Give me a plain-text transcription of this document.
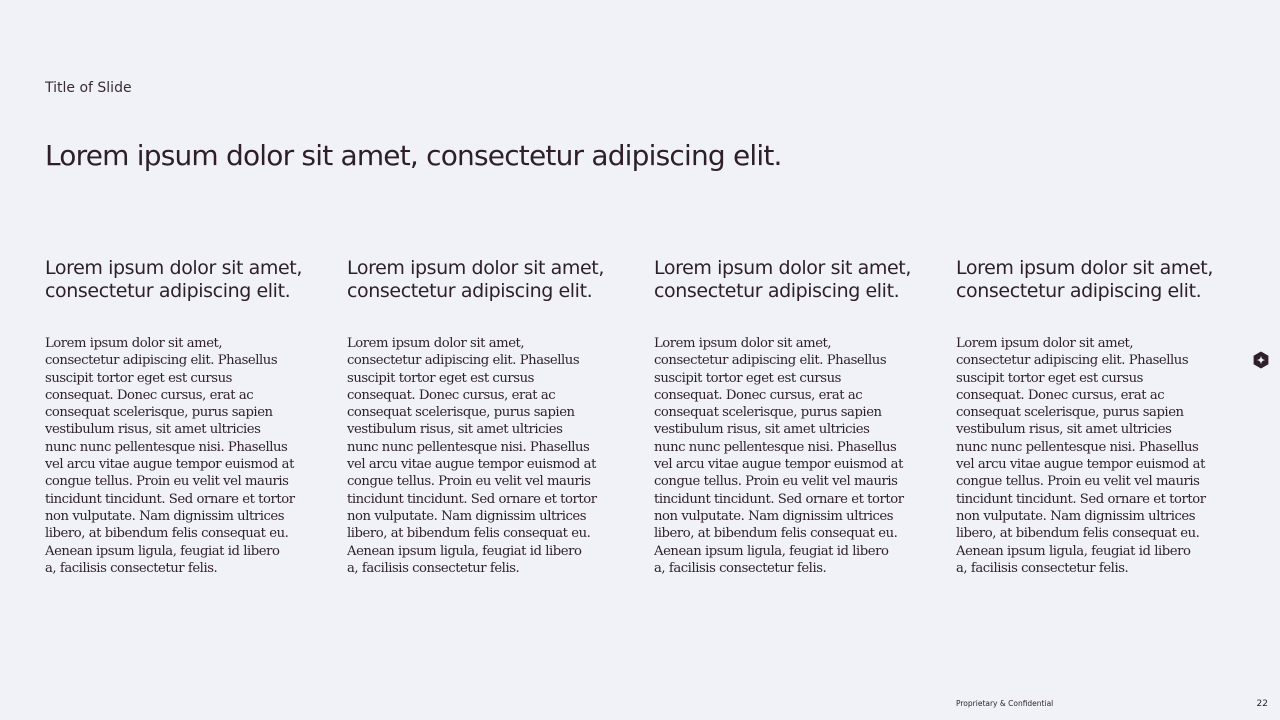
Title of Slide

Lorem ipsum dolor sit amet, consectetur adipiscing elit.
Lorem ipsum dolor sit amet,
consectetur adipiscing elit.

Lorem ipsum dolor sit amet,
consectetur adipiscing elit. Phasellus
suscipit tortor eget est cursus
consequat. Donec cursus, erat ac
consequat scelerisque, purus sapien
vestibulum risus, sit amet ultricies
nunc nunc pellentesque nisi. Phasellus
vel arcu vitae augue tempor euismod at
congue tellus. Proin eu velit vel mauris
tincidunt tincidunt. Sed ornare et tortor
non vulputate. Nam dignissim ultrices
libero, at bibendum felis consequat eu.
Aenean ipsum ligula, feugiat id libero
a, facilisis consectetur felis.

Lorem ipsum dolor sit amet,
consectetur adipiscing elit.

Lorem ipsum dolor sit amet,
consectetur adipiscing elit. Phasellus
suscipit tortor eget est cursus
consequat. Donec cursus, erat ac
consequat scelerisque, purus sapien
vestibulum risus, sit amet ultricies
nunc nunc pellentesque nisi. Phasellus
vel arcu vitae augue tempor euismod at
congue tellus. Proin eu velit vel mauris
tincidunt tincidunt. Sed ornare et tortor
non vulputate. Nam dignissim ultrices
libero, at bibendum felis consequat eu.
Aenean ipsum ligula, feugiat id libero
a, facilisis consectetur felis.

Lorem ipsum dolor sit amet,
consectetur adipiscing elit.

Lorem ipsum dolor sit amet,
consectetur adipiscing elit. Phasellus
suscipit tortor eget est cursus
consequat. Donec cursus, erat ac
consequat scelerisque, purus sapien
vestibulum risus, sit amet ultricies
nunc nunc pellentesque nisi. Phasellus
vel arcu vitae augue tempor euismod at
congue tellus. Proin eu velit vel mauris
tincidunt tincidunt. Sed ornare et tortor
non vulputate. Nam dignissim ultrices
libero, at bibendum felis consequat eu.
Aenean ipsum ligula, feugiat id libero
a, facilisis consectetur felis.

Lorem ipsum dolor sit amet,
consectetur adipiscing elit.

Lorem ipsum dolor sit amet,
consectetur adipiscing elit. Phasellus
suscipit tortor eget est cursus
consequat. Donec cursus, erat ac
consequat scelerisque, purus sapien
vestibulum risus, sit amet ultricies
nunc nunc pellentesque nisi. Phasellus
vel arcu vitae augue tempor euismod at
congue tellus. Proin eu velit vel mauris
tincidunt tincidunt. Sed ornare et tortor
non vulputate. Nam dignissim ultrices
libero, at bibendum felis consequat eu.
Aenean ipsum ligula, feugiat id libero
a, facilisis consectetur felis.

Proprietary & Confidential	22
